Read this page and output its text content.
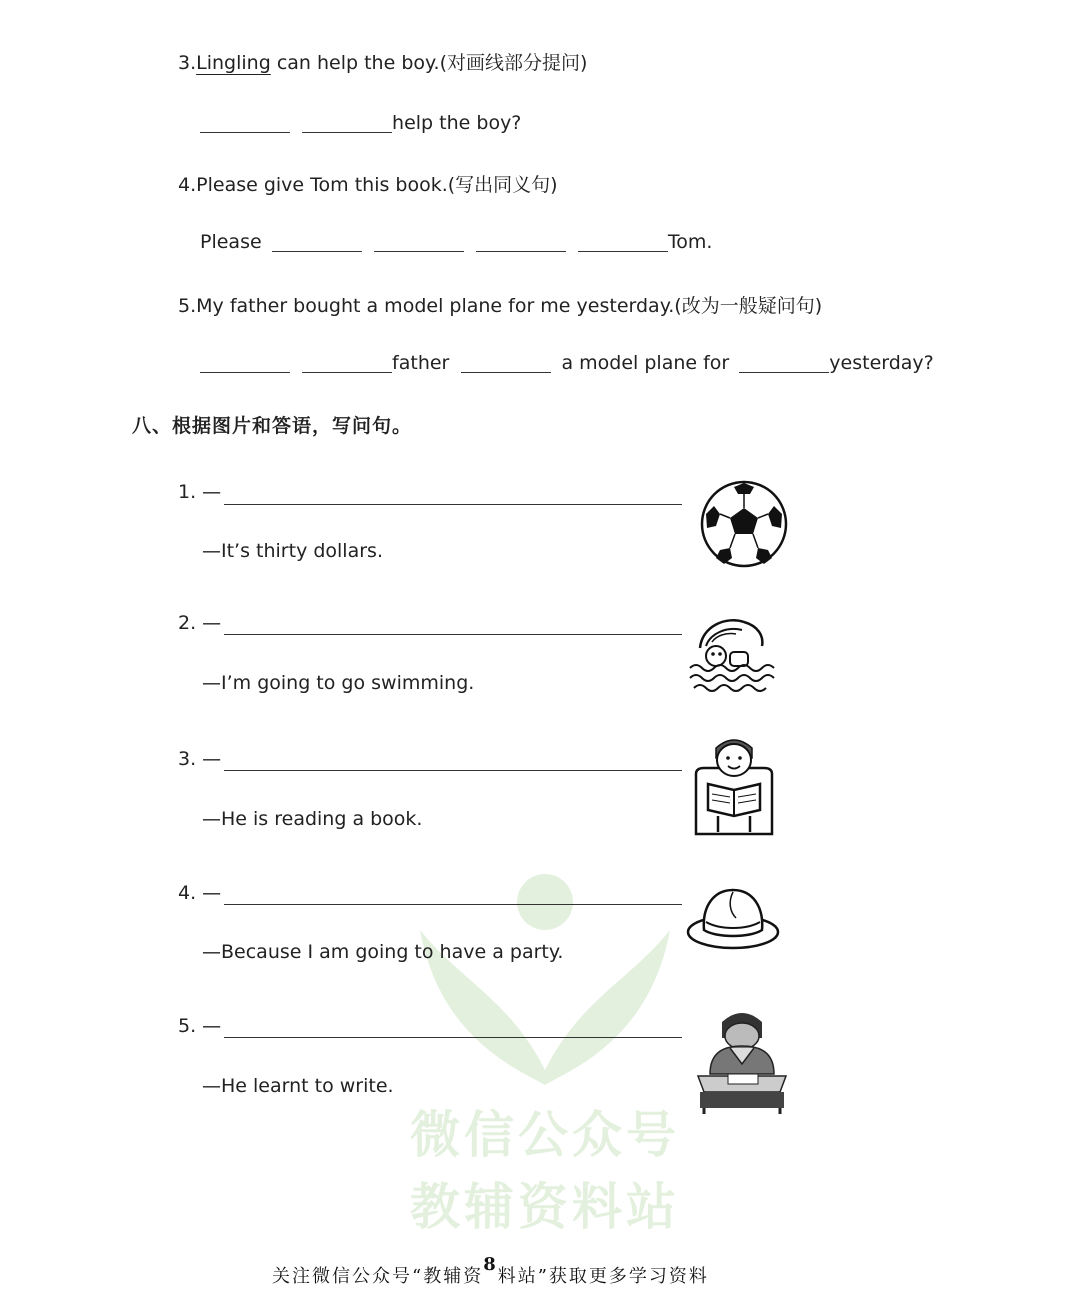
微信公众号
教辅资料站
3.Lingling can help the boy.(对画线部分提问)
help the boy?
4.Please give Tom this book.(写出同义句)
Please	Tom.
5.My father bought a model plane for me yesterday.(改为一般疑问句)
father	a model plane for	yesterday?
八、根据图片和答语，写问句。
1. —
—It’s thirty dollars.
2. —
—I’m going to go swimming.
3. —
—He is reading a book.
4. —
—Because I am going to have a party.
5. —
—He learnt to write.
关注微信公众号“教辅资8料站”获取更多学习资料
